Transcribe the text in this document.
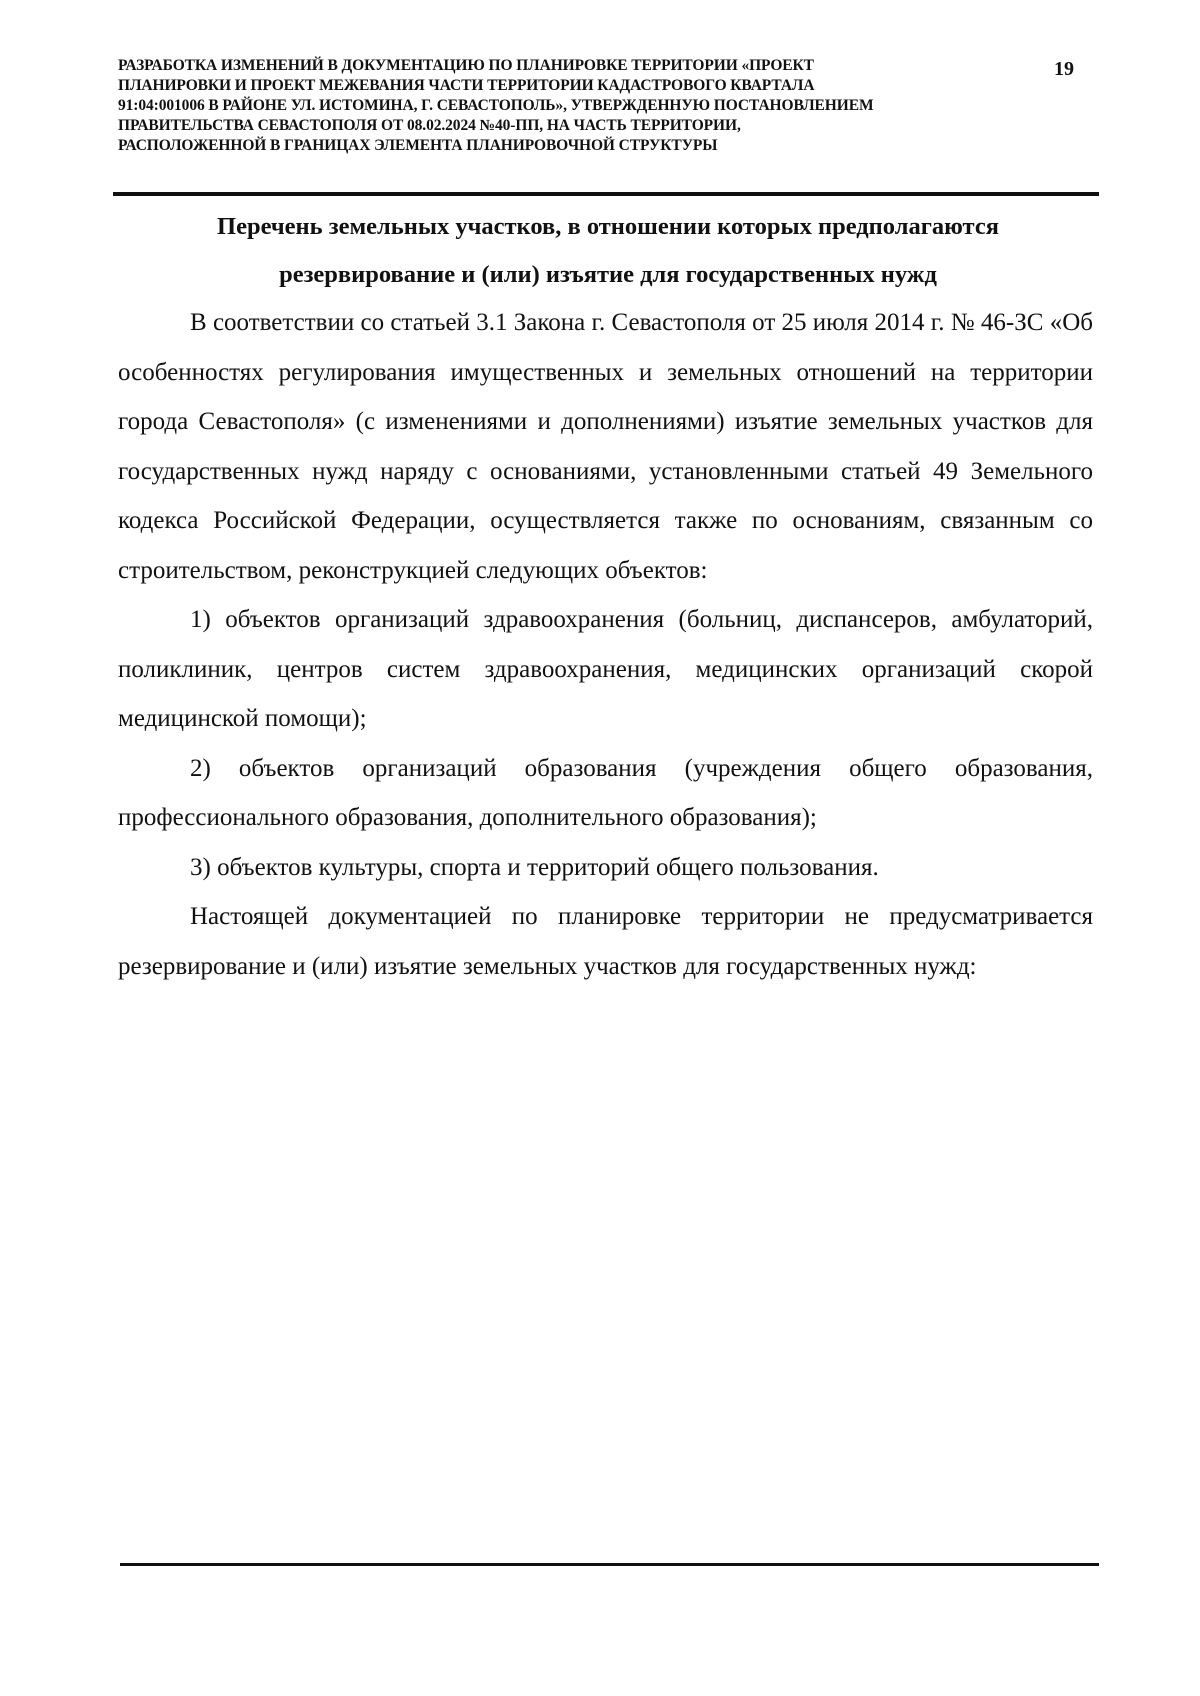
РАЗРАБОТКА ИЗМЕНЕНИЙ В ДОКУМЕНТАЦИЮ ПО ПЛАНИРОВКЕ ТЕРРИТОРИИ «ПРОЕКТ
ПЛАНИРОВКИ И ПРОЕКТ МЕЖЕВАНИЯ ЧАСТИ ТЕРРИТОРИИ КАДАСТРОВОГО КВАРТАЛА
91:04:001006 В РАЙОНЕ УЛ. ИСТОМИНА, Г. СЕВАСТОПОЛЬ», УТВЕРЖДЕННУЮ ПОСТАНОВЛЕНИЕМ
ПРАВИТЕЛЬСТВА СЕВАСТОПОЛЯ ОТ 08.02.2024 №40-ПП, НА ЧАСТЬ ТЕРРИТОРИИ,
РАСПОЛОЖЕННОЙ В ГРАНИЦАХ ЭЛЕМЕНТА ПЛАНИРОВОЧНОЙ СТРУКТУРЫ
19
Перечень земельных участков, в отношении которых предполагаются
резервирование и (или) изъятие для государственных нужд

В соответствии со статьей 3.1 Закона г. Севастополя от 25 июля 2014 г. № 46-ЗС «Об особенностях регулирования имущественных и земельных отношений на территории города Севастополя» (с изменениями и дополнениями) изъятие земельных участков для государственных нужд наряду с основаниями, установленными статьей 49 Земельного кодекса Российской Федерации, осуществляется также по основаниям, связанным со строительством, реконструкцией следующих объектов:

1) объектов организаций здравоохранения (больниц, диспансеров, амбулаторий, поликлиник, центров систем здравоохранения, медицинских организаций скорой медицинской помощи);

2) объектов организаций образования (учреждения общего образования, профессионального образования, дополнительного образования);

3) объектов культуры, спорта и территорий общего пользования.

Настоящей документацией по планировке территории не предусматривается резервирование и (или) изъятие земельных участков для государственных нужд:
